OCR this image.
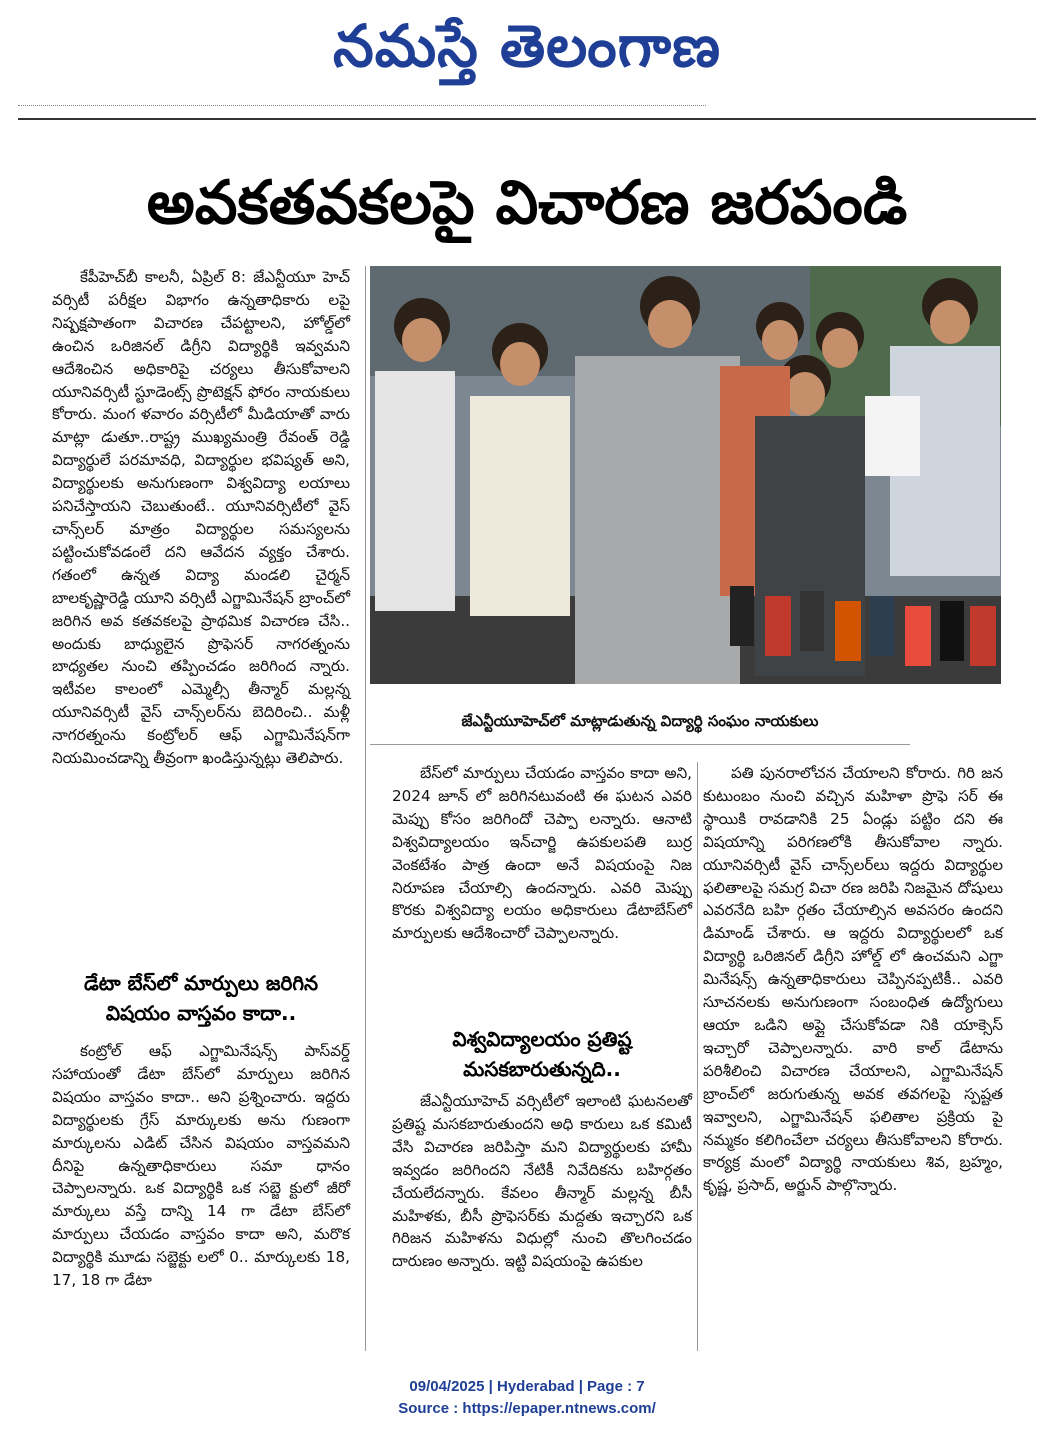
నమస్తే తెలంగాణ
అవకతవకలపై విచారణ జరపండి

కేపీహెచ్‌బీ కాలనీ, ఏప్రిల్ 8: జేఎన్టీయూ హెచ్ వర్సిటీ పరీక్షల విభాగం ఉన్నతాధికారు లపై నిష్పక్షపాతంగా విచారణ చేపట్టాలని, హోల్డ్‌లో ఉంచిన ఒరిజినల్ డిగ్రీని విద్యార్థికి ఇవ్వమని ఆదేశించిన అధికారిపై చర్యలు తీసుకోవాలని యూనివర్సిటీ స్టూడెంట్స్ ప్రొటెక్షన్ ఫోరం నాయకులు కోరారు. మంగ ళవారం వర్సిటీలో మీడియాతో వారు మాట్లా డుతూ..రాష్ట్ర ముఖ్యమంత్రి రేవంత్ రెడ్డి విద్యార్థులే పరమావధి, విద్యార్థుల భవిష్యత్ అని, విద్యార్థులకు అనుగుణంగా విశ్వవిద్యా లయాలు పనిచేస్తాయని చెబుతుంటే.. యూనివర్సిటీలో వైస్ చాన్స్‌లర్ మాత్రం విద్యార్థుల సమస్యలను పట్టించుకోవడంలే దని ఆవేదన వ్యక్తం చేశారు. గతంలో ఉన్నత విద్యా మండలి చైర్మన్ బాలకృష్ణారెడ్డి యూని వర్సిటీ ఎగ్జామినేషన్ బ్రాంచ్‌లో జరిగిన అవ కతవకలపై ప్రాథమిక విచారణ చేసి.. అందుకు బాధ్యులైన ప్రొఫెసర్ నాగరత్నంను బాధ్యతల నుంచి తప్పించడం జరిగింద న్నారు. ఇటీవల కాలంలో ఎమ్మెల్సీ తీన్మార్ మల్లన్న యూనివర్సిటీ వైస్ చాన్స్‌లర్‌ను బెదిరించి.. మళ్లీ నాగరత్నంను కంట్రోలర్ ఆఫ్ ఎగ్జామినేషన్‌గా నియమించడాన్ని తీవ్రంగా ఖండిస్తున్నట్లు తెలిపారు.

డేటా బేస్‌లో మార్పులు జరిగిన విషయం వాస్తవం కాదా..

కంట్రోల్ ఆఫ్ ఎగ్జామినేషన్స్ పాస్‌వర్డ్ సహాయంతో డేటా బేస్‌లో మార్పులు జరిగిన విషయం వాస్తవం కాదా.. అని ప్రశ్నించారు. ఇద్దరు విద్యార్థులకు గ్రేస్ మార్కులకు అను గుణంగా మార్కులను ఎడిట్ చేసిన విషయం వాస్తవమని దీనిపై ఉన్నతాధికారులు సమా ధానం చెప్పాలన్నారు. ఒక విద్యార్థికి ఒక సబ్జె క్టులో జీరో మార్కులు వస్తే దాన్ని 14 గా డేటా బేస్‌లో మార్పులు చేయడం వాస్తవం కాదా అని, మరొక విద్యార్థికి మూడు సబ్జెక్టు లలో 0.. మార్కులకు 18, 17, 18 గా డేటా

జేఎన్టీయూహెచ్‌లో మాట్లాడుతున్న విద్యార్థి సంఘం నాయకులు

బేస్‌లో మార్పులు చేయడం వాస్తవం కాదా అని, 2024 జూన్ లో జరిగినటువంటి ఈ ఘటన ఎవరి మెప్పు కోసం జరిగిందో చెప్పా లన్నారు. ఆనాటి విశ్వవిద్యాలయం ఇన్‌చార్జి ఉపకులపతి బుర్ర వెంకటేశం పాత్ర ఉందా అనే విషయంపై నిజ నిరూపణ చేయాల్సి ఉందన్నారు. ఎవరి మెప్పు కొరకు విశ్వవిద్యా లయం అధికారులు డేటాబేస్‌లో మార్పులకు ఆదేశించారో చెప్పాలన్నారు.

విశ్వవిద్యాలయం ప్రతిష్ట మసకబారుతున్నది..

జేఎన్టీయూహెచ్ వర్సిటీలో ఇలాంటి ఘటనలతో ప్రతిష్ట మసకబారుతుందని అధి కారులు ఒక కమిటీ వేసి విచారణ జరిపిస్తా మని విద్యార్థులకు హామీ ఇవ్వడం జరిగిందని నేటికీ నివేదికను బహిర్గతం చేయలేదన్నారు. కేవలం తీన్మార్ మల్లన్న బీసీ మహిళకు, బీసీ ప్రొఫెసర్‌కు మద్దతు ఇచ్చారని ఒక గిరిజన మహిళను విధుల్లో నుంచి తొలగించడం దారుణం అన్నారు. ఇట్టి విషయంపై ఉపకుల

పతి పునరాలోచన చేయాలని కోరారు. గిరి జన కుటుంబం నుంచి వచ్చిన మహిళా ప్రొఫె సర్ ఈ స్థాయికి రావడానికి 25 ఏండ్లు పట్టిం దని ఈ విషయాన్ని పరిగణలోకి తీసుకోవాల న్నారు. యూనివర్సిటీ వైస్ చాన్స్‌లర్‌లు ఇద్దరు విద్యార్థుల ఫలితాలపై సమగ్ర విచా రణ జరిపి నిజమైన దోషులు ఎవరనేది బహి ర్గతం చేయాల్సిన అవసరం ఉందని డిమాండ్ చేశారు. ఆ ఇద్దరు విద్యార్థులలో ఒక విద్యార్థి ఒరిజినల్ డిగ్రీని హోల్డ్ లో ఉంచమని ఎగ్జా మినేషన్స్ ఉన్నతాధికారులు చెప్పినప్పటికీ.. ఎవరి సూచనలకు అనుగుణంగా సంబంధిత ఉద్యోగులు ఆయా ఒడిని అప్లై చేసుకోవడా నికి యాక్సెస్ ఇచ్చారో చెప్పాలన్నారు. వారి కాల్ డేటాను పరిశీలించి విచారణ చేయాలని, ఎగ్జామినేషన్ బ్రాంచ్‌లో జరుగుతున్న అవక తవగలపై స్పష్టత ఇవ్వాలని, ఎగ్జామినేషన్ ఫలితాల ప్రక్రియ పై నమ్మకం కలిగించేలా చర్యలు తీసుకోవాలని కోరారు. కార్యక్ర మంలో విద్యార్థి నాయకులు శివ, బ్రహ్మం, కృష్ణ, ప్రసాద్, అర్జున్ పాల్గొన్నారు.

09/04/2025 | Hyderabad | Page : 7
Source : https://epaper.ntnews.com/
